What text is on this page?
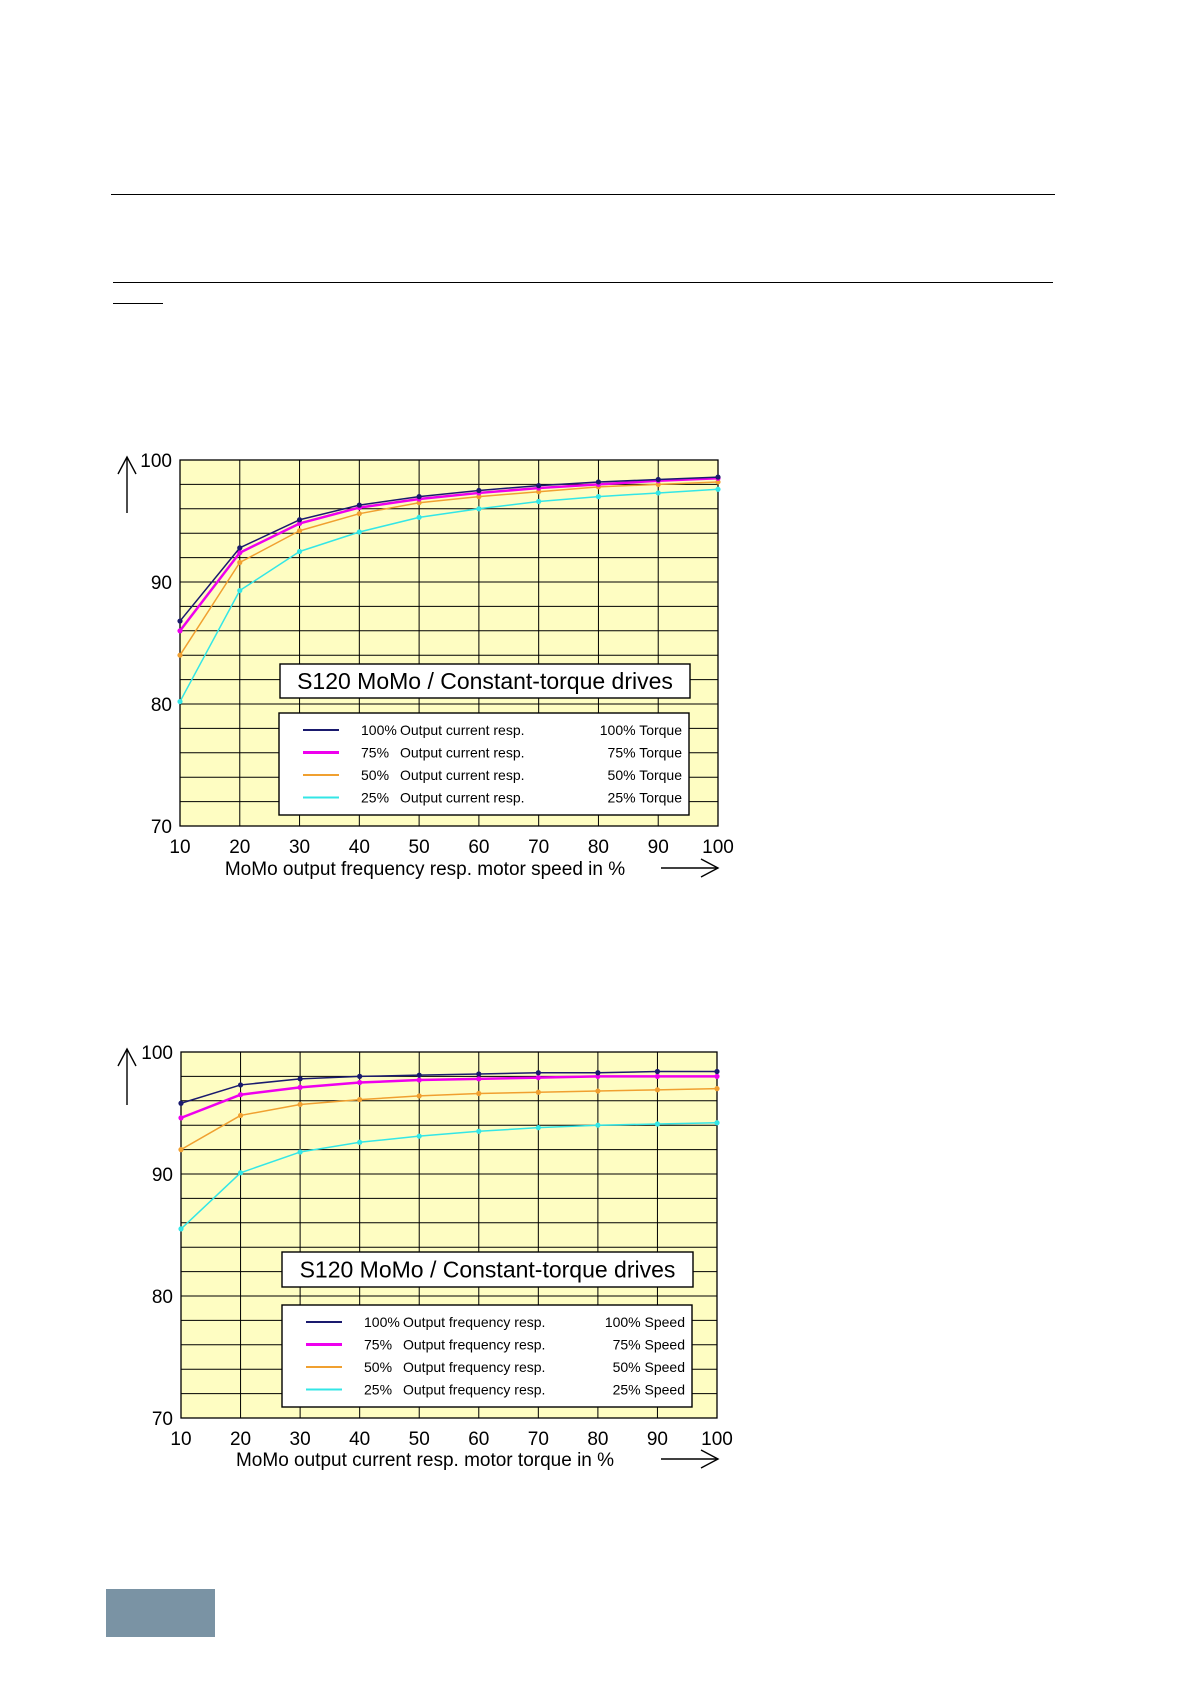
100
90
80
70
10 20 30 40 50 60 70 80 90 100
MoMo output frequency resp. motor speed in %
S120 MoMo / Constant-torque drives
100% Output current resp.	100% Torque
75% Output current resp.	75% Torque
50% Output current resp.	50% Torque
25% Output current resp.	25% Torque
100
90
80
70
10 20 30 40 50 60 70 80 90 100
MoMo output current resp. motor torque in %
S120 MoMo / Constant-torque drives
100% Output frequency resp.	100% Speed
75% Output frequency resp.	75% Speed
50% Output frequency resp.	50% Speed
25% Output frequency resp.	25% Speed
